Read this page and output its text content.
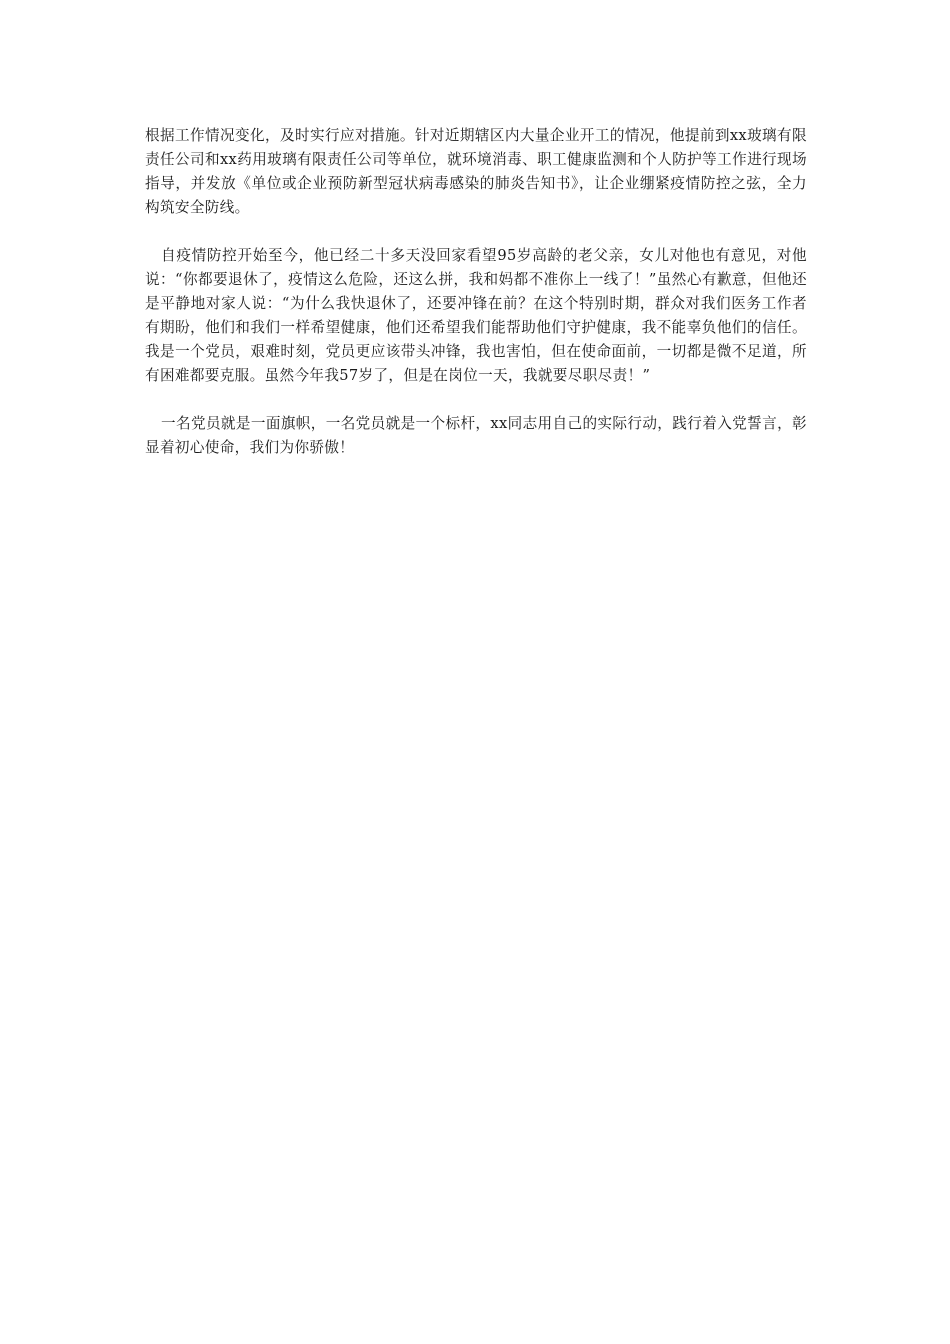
根据工作情况变化，及时实行应对措施。针对近期辖区内大量企业开工的情况，他提前到xx玻璃有限责任公司和xx药用玻璃有限责任公司等单位，就环境消毒、职工健康监测和个人防护等工作进行现场指导，并发放《单位或企业预防新型冠状病毒感染的肺炎告知书》，让企业绷紧疫情防控之弦，全力构筑安全防线。

自疫情防控开始至今，他已经二十多天没回家看望95岁高龄的老父亲，女儿对他也有意见，对他说：“你都要退休了，疫情这么危险，还这么拼，我和妈都不准你上一线了！”虽然心有歉意，但他还是平静地对家人说：“为什么我快退休了，还要冲锋在前？在这个特别时期，群众对我们医务工作者有期盼，他们和我们一样希望健康，他们还希望我们能帮助他们守护健康，我不能辜负他们的信任。我是一个党员，艰难时刻，党员更应该带头冲锋，我也害怕，但在使命面前，一切都是微不足道，所有困难都要克服。虽然今年我57岁了，但是在岗位一天，我就要尽职尽责！”

一名党员就是一面旗帜，一名党员就是一个标杆，xx同志用自己的实际行动，践行着入党誓言，彰显着初心使命，我们为你骄傲！
